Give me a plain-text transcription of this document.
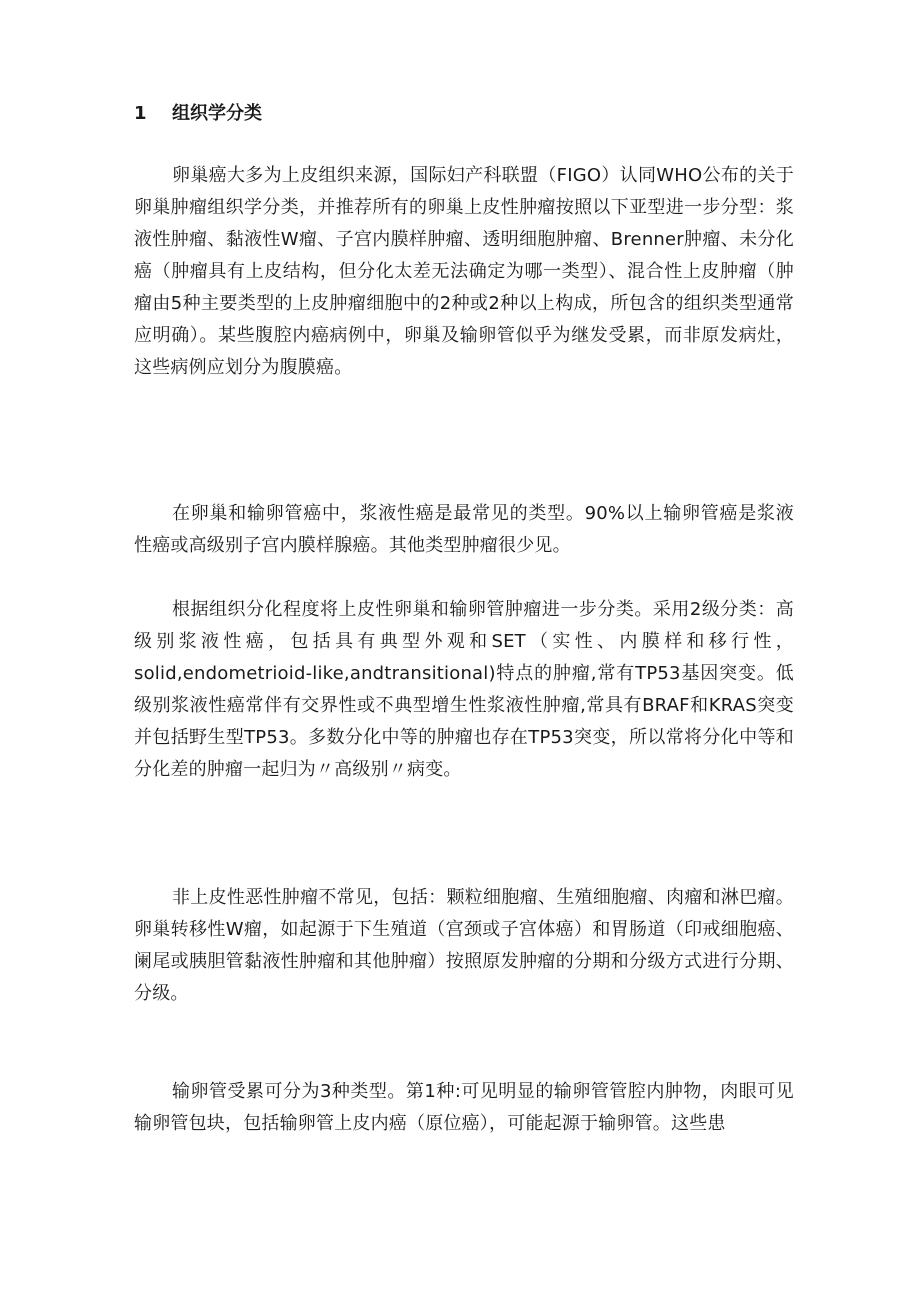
1 组织学分类

卵巢癌大多为上皮组织来源，国际妇产科联盟（FIGO）认同WHO公布的关于卵巢肿瘤组织学分类，并推荐所有的卵巢上皮性肿瘤按照以下亚型进一步分型：浆液性肿瘤、黏液性W瘤、子宫内膜样肿瘤、透明细胞肿瘤、Brenner肿瘤、未分化癌（肿瘤具有上皮结构，但分化太差无法确定为哪一类型）、混合性上皮肿瘤（肿瘤由5种主要类型的上皮肿瘤细胞中的2种或2种以上构成，所包含的组织类型通常应明确）。某些腹腔内癌病例中，卵巢及输卵管似乎为继发受累，而非原发病灶，这些病例应划分为腹膜癌。

在卵巢和输卵管癌中，浆液性癌是最常见的类型。90%以上输卵管癌是浆液性癌或高级别子宫内膜样腺癌。其他类型肿瘤很少见。

根据组织分化程度将上皮性卵巢和输卵管肿瘤进一步分类。采用2级分类：高级别浆液性癌，包括具有典型外观和SET（实性、内膜样和移行性，solid,endometrioid-like,andtransitional)特点的肿瘤,常有TP53基因突变。低级别浆液性癌常伴有交界性或不典型增生性浆液性肿瘤,常具有BRAF和KRAS突变并包括野生型TP53。多数分化中等的肿瘤也存在TP53突变，所以常将分化中等和分化差的肿瘤一起归为〃高级别〃病变。

非上皮性恶性肿瘤不常见，包括：颗粒细胞瘤、生殖细胞瘤、肉瘤和淋巴瘤。卵巢转移性W瘤，如起源于下生殖道（宫颈或子宫体癌）和胃肠道（印戒细胞癌、阑尾或胰胆管黏液性肿瘤和其他肿瘤）按照原发肿瘤的分期和分级方式进行分期、分级。

输卵管受累可分为3种类型。第1种:可见明显的输卵管管腔内肿物，肉眼可见输卵管包块，包括输卵管上皮内癌（原位癌），可能起源于输卵管。这些患
